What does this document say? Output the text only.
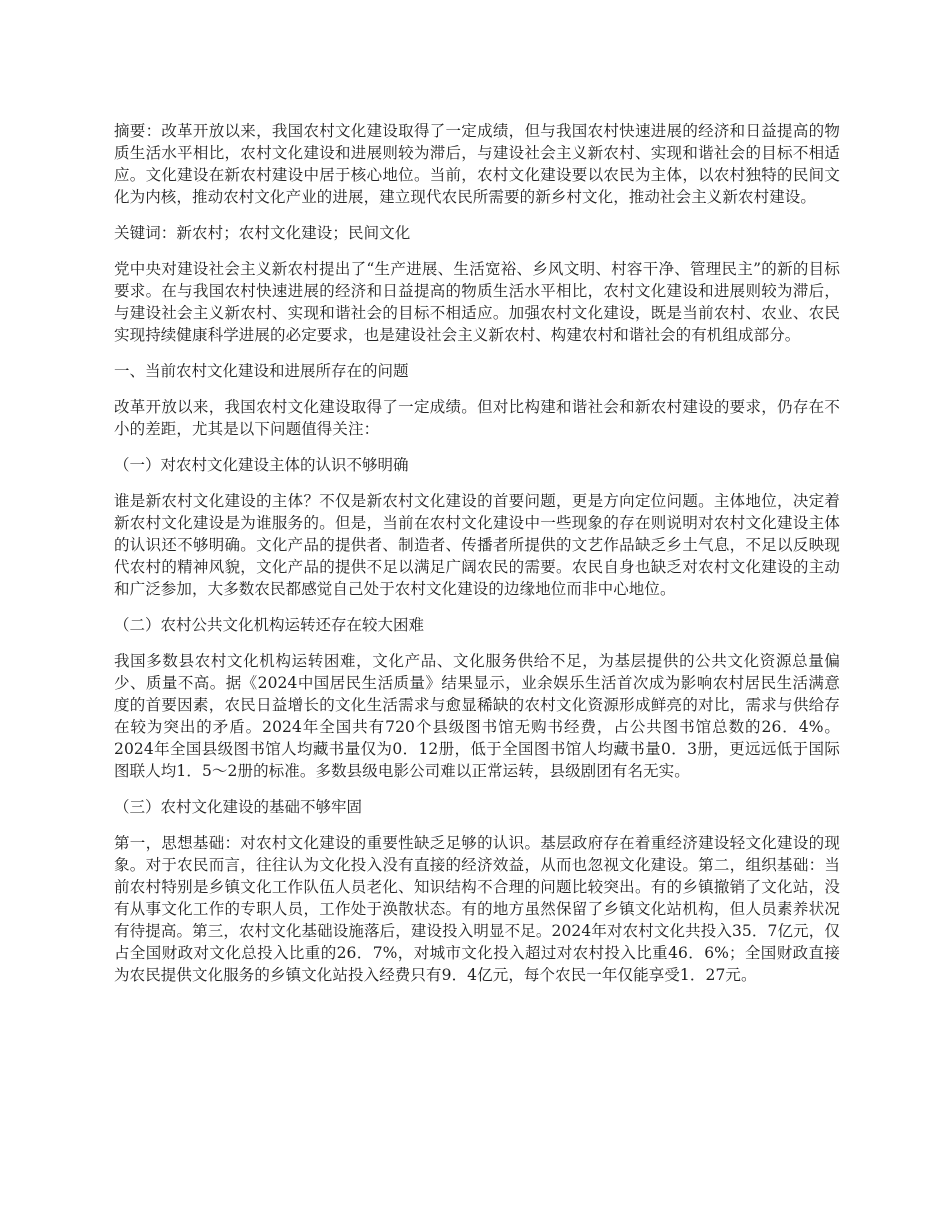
摘要：改革开放以来，我国农村文化建设取得了一定成绩，但与我国农村快速进展的经济和日益提高的物质生活水平相比，农村文化建设和进展则较为滞后，与建设社会主义新农村、实现和谐社会的目标不相适应。文化建设在新农村建设中居于核心地位。当前，农村文化建设要以农民为主体，以农村独特的民间文化为内核，推动农村文化产业的进展，建立现代农民所需要的新乡村文化，推动社会主义新农村建设。

关键词：新农村；农村文化建设；民间文化

党中央对建设社会主义新农村提出了“生产进展、生活宽裕、乡风文明、村容干净、管理民主”的新的目标要求。在与我国农村快速进展的经济和日益提高的物质生活水平相比，农村文化建设和进展则较为滞后，与建设社会主义新农村、实现和谐社会的目标不相适应。加强农村文化建设，既是当前农村、农业、农民实现持续健康科学进展的必定要求，也是建设社会主义新农村、构建农村和谐社会的有机组成部分。

一、当前农村文化建设和进展所存在的问题

改革开放以来，我国农村文化建设取得了一定成绩。但对比构建和谐社会和新农村建设的要求，仍存在不小的差距，尤其是以下问题值得关注：

（一）对农村文化建设主体的认识不够明确

谁是新农村文化建设的主体？不仅是新农村文化建设的首要问题，更是方向定位问题。主体地位，决定着新农村文化建设是为谁服务的。但是，当前在农村文化建设中一些现象的存在则说明对农村文化建设主体的认识还不够明确。文化产品的提供者、制造者、传播者所提供的文艺作品缺乏乡土气息，不足以反映现代农村的精神风貌，文化产品的提供不足以满足广阔农民的需要。农民自身也缺乏对农村文化建设的主动和广泛参加，大多数农民都感觉自己处于农村文化建设的边缘地位而非中心地位。

（二）农村公共文化机构运转还存在较大困难

我国多数县农村文化机构运转困难，文化产品、文化服务供给不足，为基层提供的公共文化资源总量偏少、质量不高。据《2024中国居民生活质量》结果显示，业余娱乐生活首次成为影响农村居民生活满意度的首要因素，农民日益增长的文化生活需求与愈显稀缺的农村文化资源形成鲜亮的对比，需求与供给存在较为突出的矛盾。2024年全国共有720个县级图书馆无购书经费，占公共图书馆总数的26．4%。2024年全国县级图书馆人均藏书量仅为0．12册，低于全国图书馆人均藏书量0．3册，更远远低于国际图联人均1．5～2册的标准。多数县级电影公司难以正常运转，县级剧团有名无实。

（三）农村文化建设的基础不够牢固

第一，思想基础：对农村文化建设的重要性缺乏足够的认识。基层政府存在着重经济建设轻文化建设的现象。对于农民而言，往往认为文化投入没有直接的经济效益，从而也忽视文化建设。第二，组织基础：当前农村特别是乡镇文化工作队伍人员老化、知识结构不合理的问题比较突出。有的乡镇撤销了文化站，没有从事文化工作的专职人员，工作处于涣散状态。有的地方虽然保留了乡镇文化站机构，但人员素养状况有待提高。第三，农村文化基础设施落后，建设投入明显不足。2024年对农村文化共投入35．7亿元，仅占全国财政对文化总投入比重的26．7%，对城市文化投入超过对农村投入比重46．6%；全国财政直接为农民提供文化服务的乡镇文化站投入经费只有9．4亿元，每个农民一年仅能享受1．27元。
